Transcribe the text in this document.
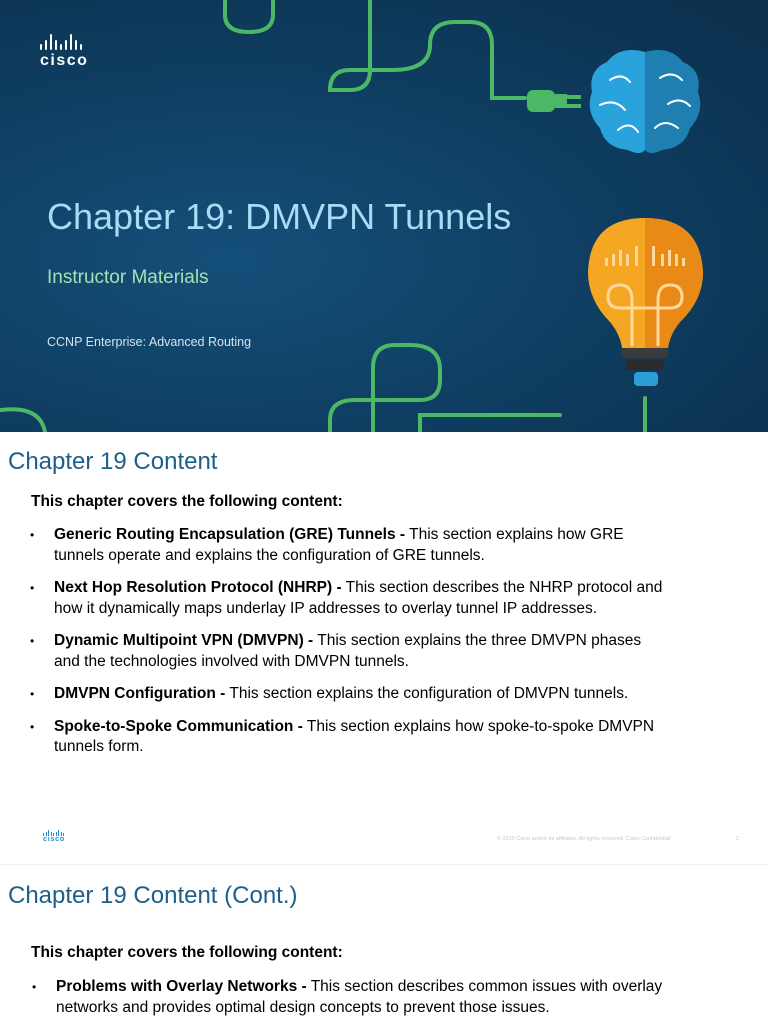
cisco
Chapter 19: DMVPN Tunnels
Instructor Materials
CCNP Enterprise: Advanced Routing
Chapter 19 Content
This chapter covers the following content:
• Generic Routing Encapsulation (GRE) Tunnels - This section explains how GRE tunnels operate and explains the configuration of GRE tunnels.
• Next Hop Resolution Protocol (NHRP) - This section describes the NHRP protocol and how it dynamically maps underlay IP addresses to overlay tunnel IP addresses.
• Dynamic Multipoint VPN (DMVPN) - This section explains the three DMVPN phases and the technologies involved with DMVPN tunnels.
• DMVPN Configuration - This section explains the configuration of DMVPN tunnels.
• Spoke-to-Spoke Communication - This section explains how spoke-to-spoke DMVPN tunnels form.
cisco	© 2019 Cisco and/or its affiliates. All rights reserved. Cisco Confidential	2
Chapter 19 Content (Cont.)
This chapter covers the following content:
• Problems with Overlay Networks - This section describes common issues with overlay networks and provides optimal design concepts to prevent those issues.
